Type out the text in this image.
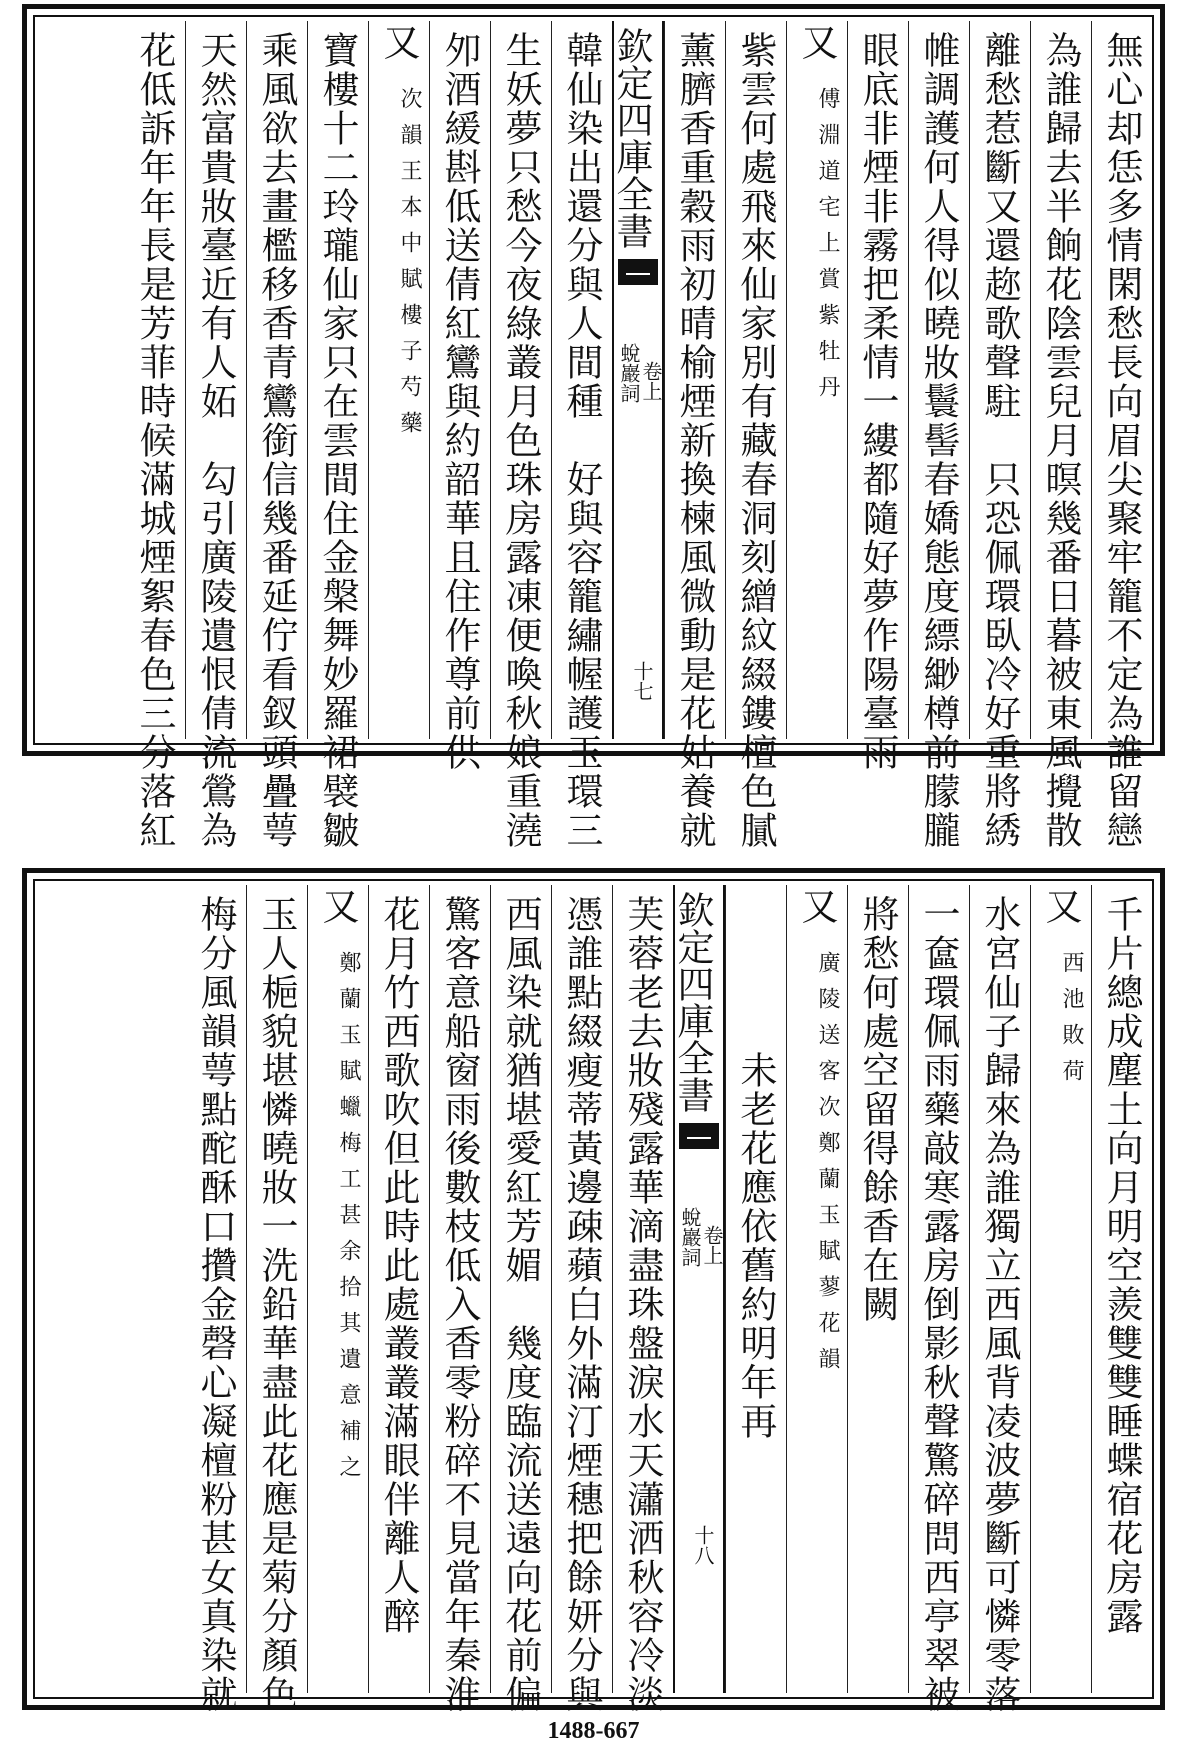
無心却恁多情閑愁長向眉尖聚牢籠不定為誰留戀
為誰歸去半餉花陰雲兒月暝幾番日暮被東風攪散
離愁惹斷又還趂歌聲駐　只恐佩環臥冷好重將綉
帷調護何人得似曉妝鬟髻春嬌態度縹緲樽前朦朧
眼底非煙非霧把柔情一縷都隨好夢作陽臺雨
又
傅淵道宅上賞紫牡丹
紫雲何處飛來仙家別有藏春洞刻繒紋綴鏤檀色膩
薰臍香重穀雨初晴榆煙新換楝風微動是花姑養就
欽定四庫全書
蛻巖詞
卷上
十七
韓仙染出還分與人間種　好與容籠繡幄護玉環三
生妖夢只愁今夜綠叢月色珠房露凍便喚秋娘重澆
夘酒緩斟低送倩紅鸞與約韶華且住作尊前供
又
次韻王本中賦樓子芍藥
寶樓十二玲瓏仙家只在雲間住金槃舞妙羅裙襞皺
乘風欲去畫檻移香青鸞銜信幾番延佇看釵頭疊萼
天然富貴妝臺近有人妬　勾引廣陵遺恨倩流鶯為
花低訴年年長是芳菲時候滿城煙絮春色三分落紅
千片總成塵土向月明空羨雙雙睡蝶宿花房露
又
西池敗荷
水宮仙子歸來為誰獨立西風背凌波夢斷可憐零落
一奩環佩雨藥敲寒露房倒影秋聲驚碎問西亭翠被
將愁何處空留得餘香在闕
又
廣陵送客次鄭蘭玉賦蓼花韻
　　　　未老花應依舊約明年再
欽定四庫全書
蛻巖詞
卷上
十八
芙蓉老去妝殘露華滴盡珠盤淚水天瀟洒秋容冷淡
憑誰點綴瘦蒂黃邊疎蘋白外滿汀煙穗把餘妍分與
西風染就猶堪愛紅芳媚　幾度臨流送遠向花前偏
驚客意船窗雨後數枝低入香零粉碎不見當年秦淮
花月竹西歌吹但此時此處叢叢滿眼伴離人醉
又
鄭蘭玉賦蠟梅工甚余拾其遺意補之
玉人梔貌堪憐曉妝一洗鉛華盡此花應是菊分顏色
梅分風韻萼點酡酥口攢金磬心凝檀粉甚女真染就
1488-667
